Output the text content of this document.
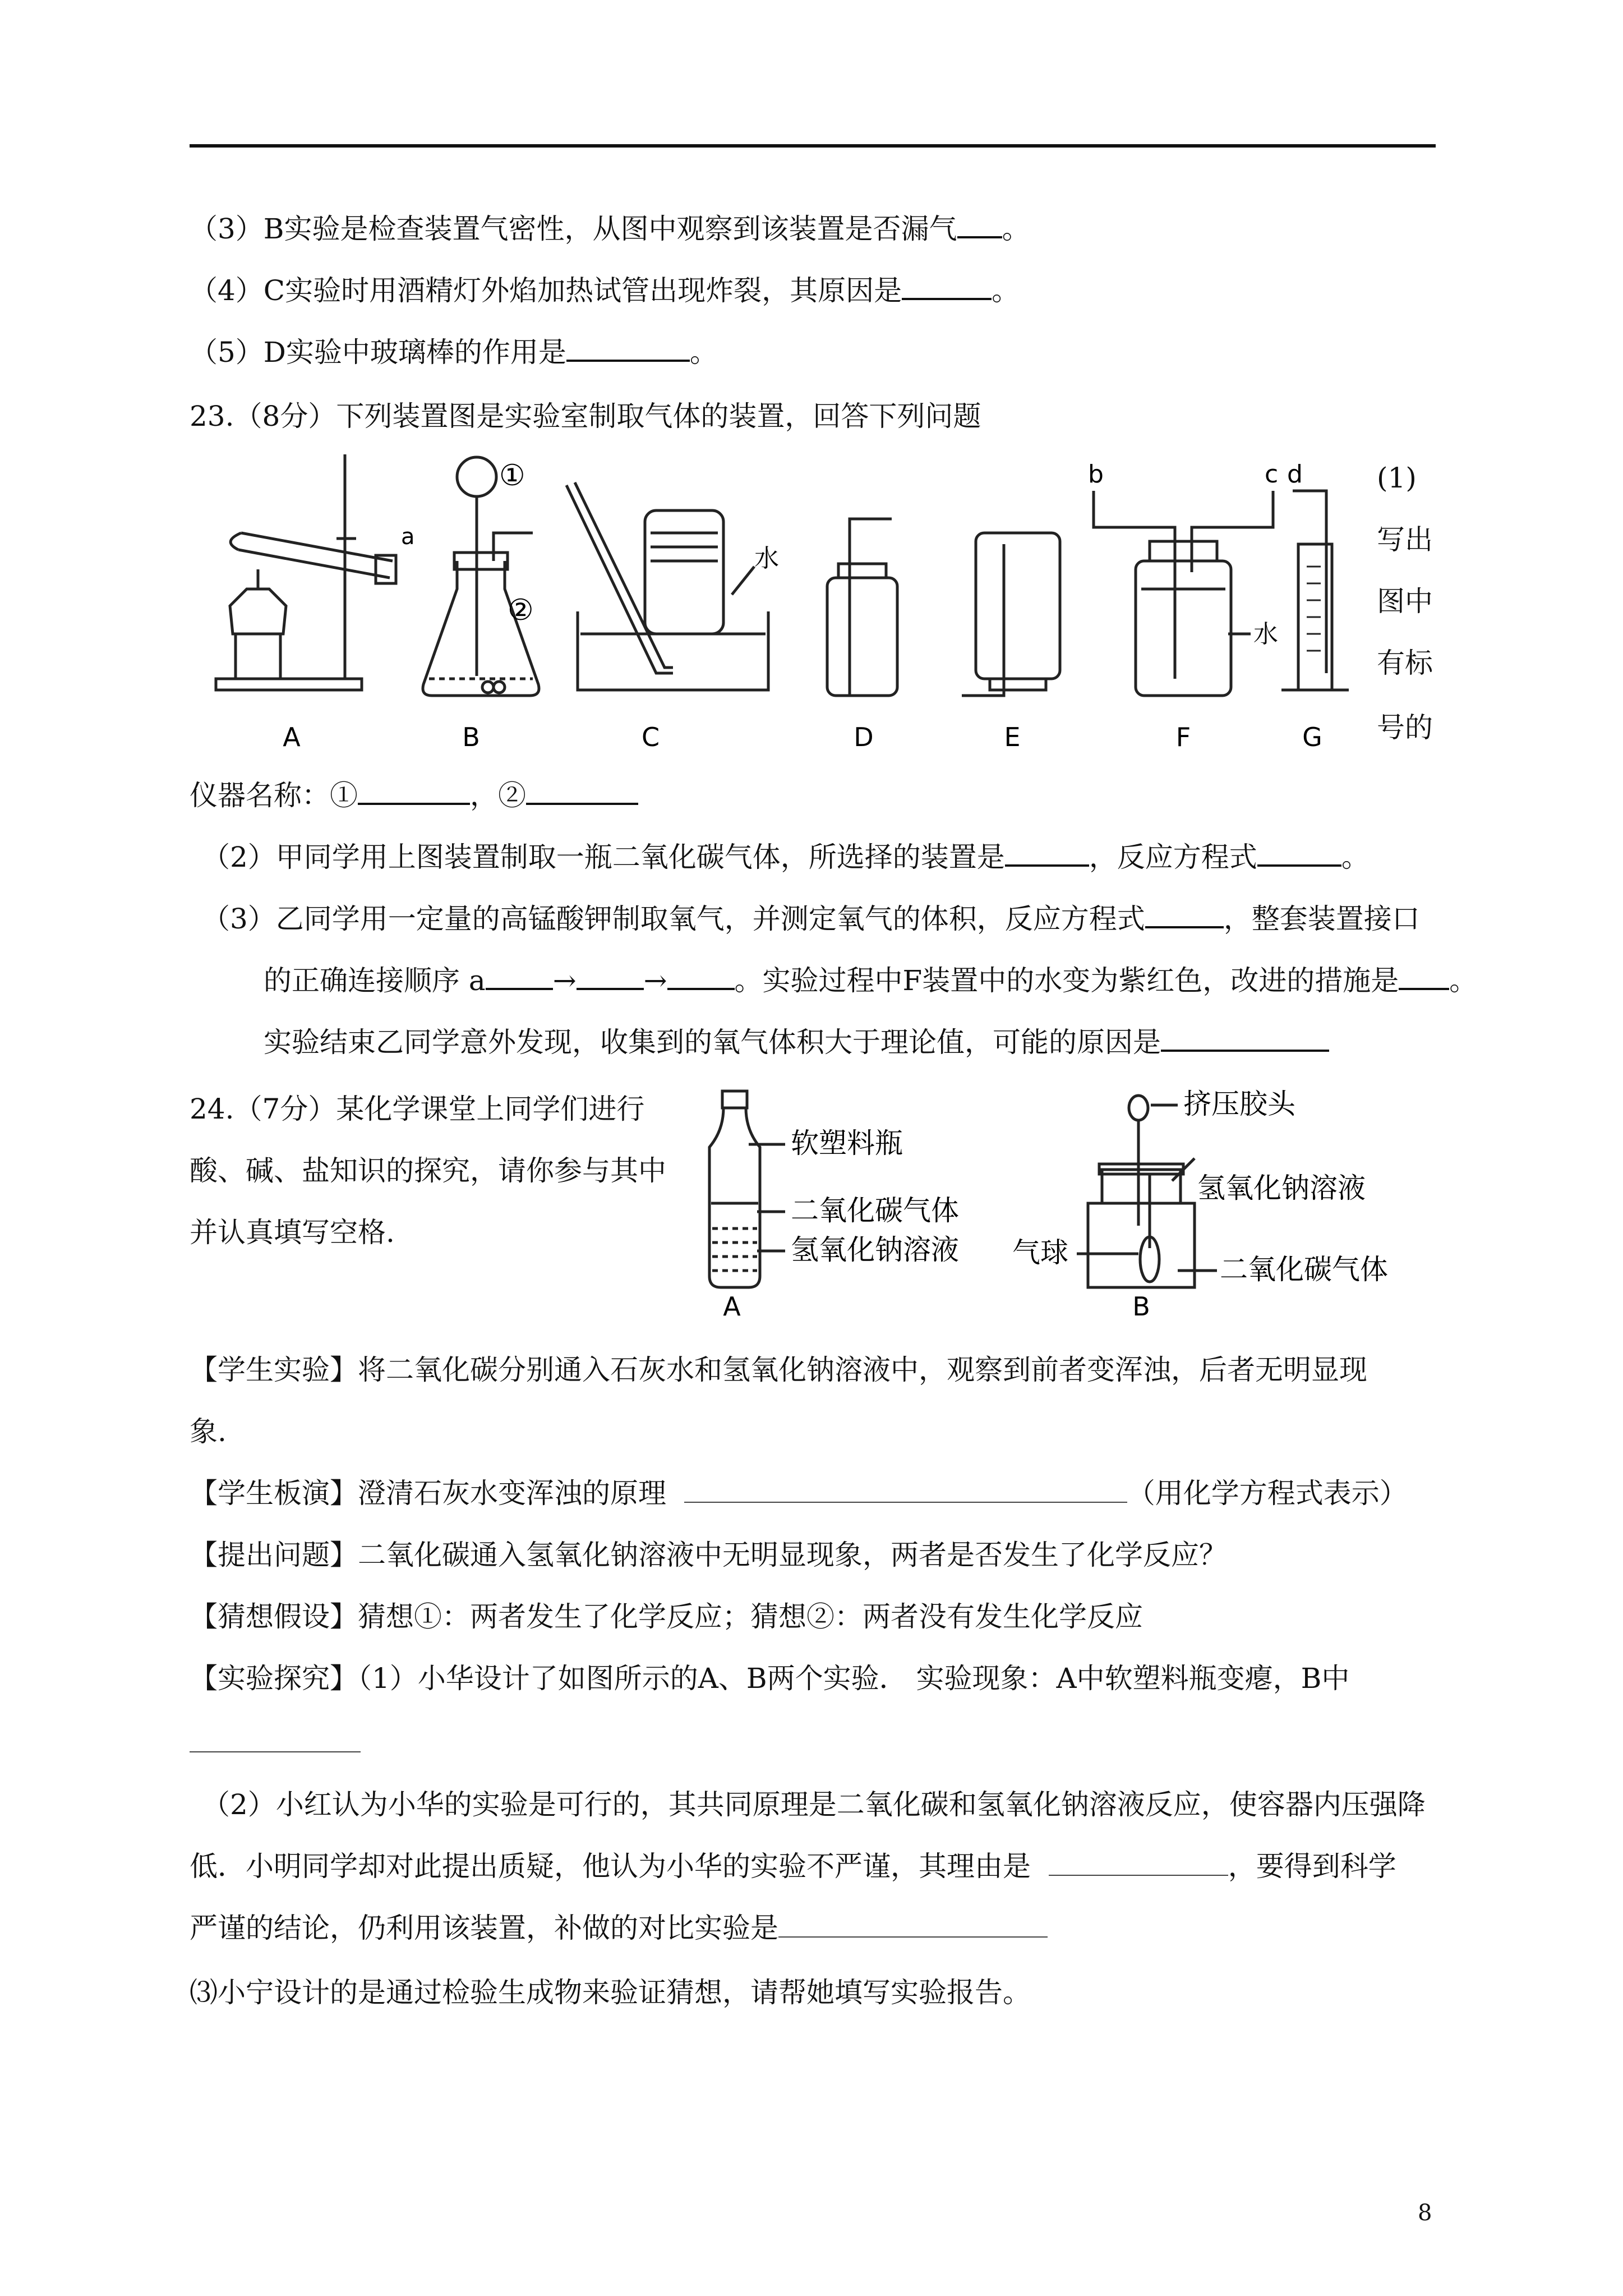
（3）B实验是检查装置气密性，从图中观察到该装置是否漏气 。
（4）C实验时用酒精灯外焰加热试管出现炸裂，其原因是	。
（5）D实验中玻璃棒的作用是	。
23.（8分）下列装置图是实验室制取气体的装置，回答下列问题
a
①
②
水
水
b	c d
A	B	C	D	E	F	G
(1)
写出
图中
有标
号的
仪器名称：①	，②
（2）甲同学用上图装置制取一瓶二氧化碳气体，所选择的装置是	，反应方程式	。
（3）乙同学用一定量的高锰酸钾制取氧气，并测定氧气的体积，反应方程式	，整套装置接口
的正确连接顺序 a → → 。实验过程中F装置中的水变为紫红色，改进的措施是 。
实验结束乙同学意外发现，收集到的氧气体积大于理论值，可能的原因是
24.（7分）某化学课堂上同学们进行
酸、碱、盐知识的探究，请你参与其中
并认真填写空格.
软塑料瓶
二氧化碳气体
氢氧化钠溶液
A
挤压胶头
氢氧化钠溶液
气球
二氧化碳气体
B
【学生实验】将二氧化碳分别通入石灰水和氢氧化钠溶液中，观察到前者变浑浊，后者无明显现
象.
【学生板演】澄清石灰水变浑浊的原理	（用化学方程式表示）
【提出问题】二氧化碳通入氢氧化钠溶液中无明显现象，两者是否发生了化学反应？
【猜想假设】猜想①：两者发生了化学反应；猜想②：两者没有发生化学反应
【实验探究】（1）小华设计了如图所示的A、B两个实验． 实验现象：A中软塑料瓶变瘪，B中
（2）小红认为小华的实验是可行的，其共同原理是二氧化碳和氢氧化钠溶液反应，使容器内压强降
低．小明同学却对此提出质疑，他认为小华的实验不严谨，其理由是	，要得到科学
严谨的结论，仍利用该装置，补做的对比实验是
⑶小宁设计的是通过检验生成物来验证猜想，请帮她填写实验报告。
8
